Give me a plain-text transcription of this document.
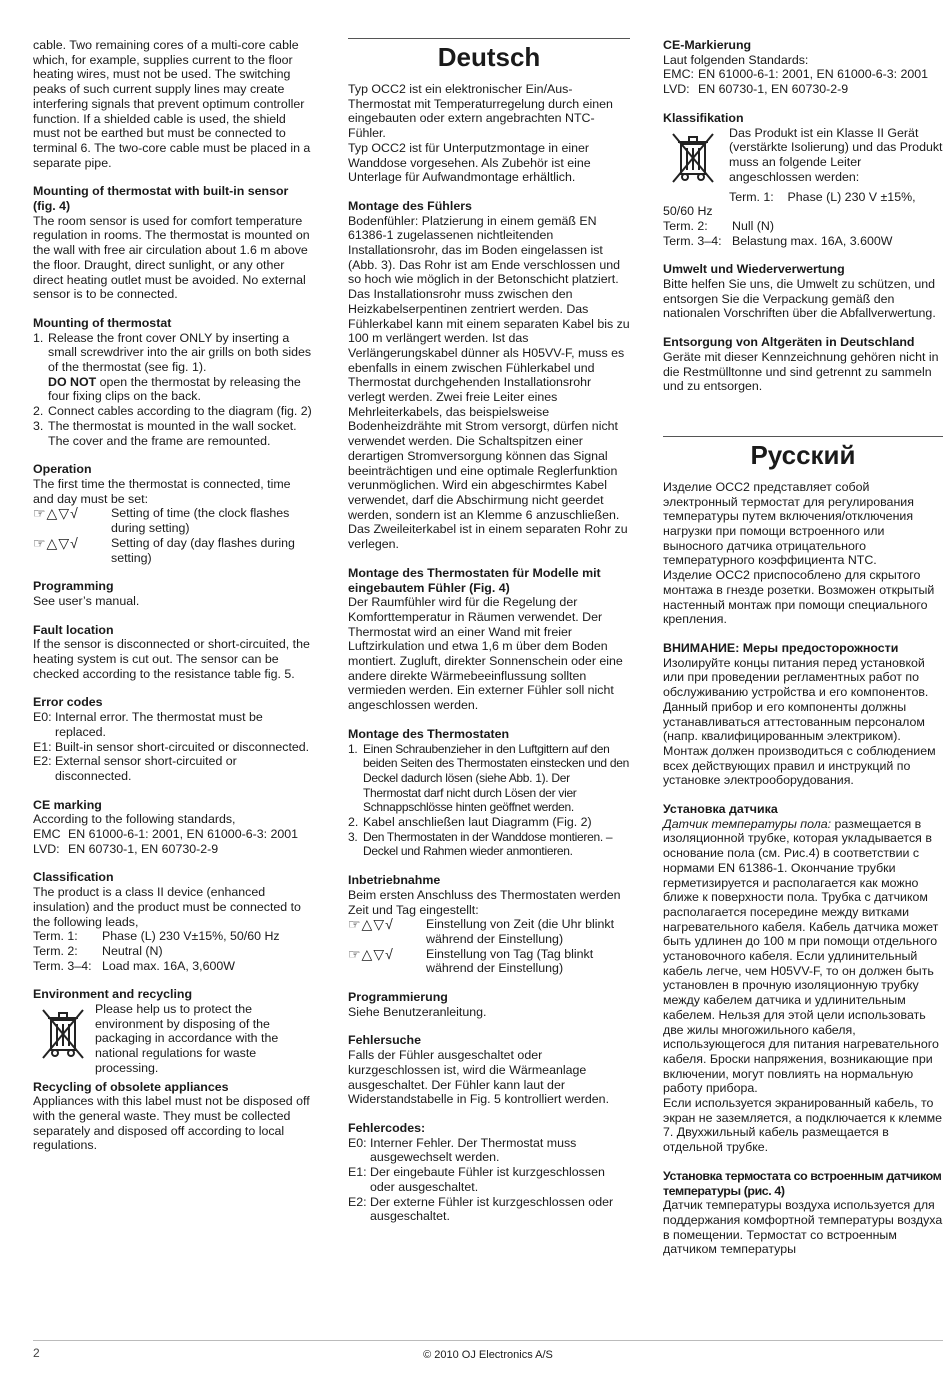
cable. Two remaining cores of a multi-core cable which, for example, supplies current to the floor heating wires, must not be used. The switching peaks of such current supply lines may create interfering signals that prevent optimum controller function. If a shielded cable is used, the shield must not be earthed but must be connected to terminal 6. The two-core cable must be placed in a separate pipe.

Mounting of thermostat with built-in sensor (fig. 4)

The room sensor is used for comfort temperature regulation in rooms. The thermostat is mounted on the wall with free air circulation about 1.6 m above the floor. Draught, direct sunlight, or any other direct heating outlet must be avoided. No external sensor is to be connected.

Mounting of thermostat

1. Release the front cover ONLY by inserting a small screwdriver into the air grills on both sides of the thermostat (see fig. 1).
DO NOT open the thermostat by releasing the four fixing clips on the back.
2. Connect cables according to the diagram (fig. 2)
3. The thermostat is mounted in the wall socket. The cover and the frame are remounted.

Operation

The first time the thermostat is connected, time and day must be set:

☞△▽√	Setting of time (the clock flashes during setting)
☞△▽√	Setting of day (day flashes during setting)

Programming

See user’s manual.

Fault location

If the sensor is disconnected or short-circuited, the heating system is cut out. The sensor can be checked according to the resistance table fig. 5.

Error codes

E0: Internal error. The thermostat must be replaced.
E1: Built-in sensor short-circuited or disconnected.
E2: External sensor short-circuited or disconnected.

CE marking

According to the following standards,

EMC EN 61000-6-1: 2001, EN 61000-6-3: 2001
LVD: EN 60730-1, EN 60730-2-9

Classification

The product is a class II device (enhanced insulation) and the product must be connected to the following leads,

Term. 1:	Phase (L) 230 V±15%, 50/60 Hz
Term. 2:	Neutral (N)
Term. 3–4: Load max. 16A, 3,600W

Environment and recycling

Please help us to protect the environment by disposing of the packaging in accordance with the national regulations for waste processing.

Recycling of obsolete appliances

Appliances with this label must not be disposed off with the general waste. They must be collected separately and disposed off according to local regulations.

Deutsch

Typ OCC2 ist ein elektronischer Ein/Aus-Thermostat mit Temperaturregelung durch einen eingebauten oder extern angebrachten NTC-Fühler.

Typ OCC2 ist für Unterputzmontage in einer Wanddose vorgesehen. Als Zubehör ist eine Unterlage für Aufwandmontage erhältlich.

Montage des Fühlers

Bodenfühler: Platzierung in einem gemäß EN 61386-1 zugelassenen nichtleitenden Installationsrohr, das im Boden eingelassen ist (Abb. 3). Das Rohr ist am Ende verschlossen und so hoch wie möglich in der Betonschicht platziert. Das Installationsrohr muss zwischen den Heizkabelserpentinen zentriert werden. Das Fühlerkabel kann mit einem separaten Kabel bis zu 100 m verlängert werden. Ist das Verlängerungskabel dünner als H05VV-F, muss es ebenfalls in einem zwischen Fühlerkabel und Thermostat durchgehenden Installationsrohr verlegt werden. Zwei freie Leiter eines Mehrleiterkabels, das beispielsweise Bodenheizdrähte mit Strom versorgt, dürfen nicht verwendet werden. Die Schaltspitzen einer derartigen Stromversorgung können das Signal beeinträchtigen und eine optimale Reglerfunktion verunmöglichen. Wird ein abgeschirmtes Kabel verwendet, darf die Abschirmung nicht geerdet werden, sondern ist an Klemme 6 anzuschließen. Das Zweileiterkabel ist in einem separaten Rohr zu verlegen.

Montage des Thermostaten für Modelle mit eingebautem Fühler (Fig. 4)

Der Raumfühler wird für die Regelung der Komforttemperatur in Räumen verwendet. Der Thermostat wird an einer Wand mit freier Luftzirkulation und etwa 1,6 m über dem Boden montiert. Zugluft, direkter Sonnenschein oder eine andere direkte Wärmebeeinflussung sollten vermieden werden. Ein externer Fühler soll nicht angeschlossen werden.

Montage des Thermostaten

1. Einen Schraubenzieher in den Luftgittern auf den beiden Seiten des Thermostaten einstecken und den Deckel dadurch lösen (siehe Abb. 1). Der Thermostat darf nicht durch Lösen der vier Schnappschlösse hinten geöffnet werden.
2. Kabel anschließen laut Diagramm (Fig. 2)
3. Den Thermostaten in der Wanddose montieren. – Deckel und Rahmen wieder anmontieren.

Inbetriebnahme

Beim ersten Anschluss des Thermostaten werden Zeit und Tag eingestellt:

☞△▽√	Einstellung von Zeit (die Uhr blinkt während der Einstellung)
☞△▽√	Einstellung von Tag (Tag blinkt während der Einstellung)

Programmierung

Siehe Benutzeranleitung.

Fehlersuche

Falls der Fühler ausgeschaltet oder kurzgeschlossen ist, wird die Wärmeanlage ausgeschaltet. Der Fühler kann laut der Widerstandstabelle in Fig. 5 kontrolliert werden.

Fehlercodes:

E0: Interner Fehler. Der Thermostat muss ausgewechselt werden.
E1: Der eingebaute Fühler ist kurzgeschlossen oder ausgeschaltet.
E2: Der externe Fühler ist kurzgeschlossen oder ausgeschaltet.

CE-Markierung

Laut folgenden Standards:

EMC: EN 61000-6-1: 2001, EN 61000-6-3: 2001
LVD: EN 60730-1, EN 60730-2-9

Klassifikation

Das Produkt ist ein Klasse II Gerät (verstärkte Isolierung) und das Produkt muss an folgende Leiter angeschlossen werden:

Term. 1:    Phase (L) 230 V ±15%, 50/60 Hz

Term. 2:	Null (N)
Term. 3–4: Belastung max. 16A, 3.600W

Umwelt und Wiederverwertung

Bitte helfen Sie uns, die Umwelt zu schützen, und entsorgen Sie die Verpackung gemäß den nationalen Vorschriften über die Abfallverwertung.

Entsorgung von Altgeräten in Deutschland

Geräte mit dieser Kennzeichnung gehören nicht in die Restmülltonne und sind getrennt zu sammeln und zu entsorgen.

Русский

Изделие OCC2 представляет собой электронный термостат для регулирования температуры путем включения/отключения нагрузки при помощи встроенного или выносного датчика отрицательного температурного коэффициента NTC.

Изделие OCC2 приспособлено для скрытого монтажа в гнезде розетки. Возможен открытый настенный монтаж при помощи специального крепления.

ВНИМАНИЕ: Меры предосторожности

Изолируйте концы питания перед установкой или при проведении регламентных работ по обслуживанию устройства и его компонентов.

Данный прибор и его компоненты должны устанавливаться аттестованным персоналом (напр. квалифицированным электриком). Монтаж должен производиться с соблюдением всех действующих правил и инструкций по установке электрооборудования.

Установка датчика

Датчик температуры пола: размещается в изоляционной трубке, которая укладывается в основание пола (см. Рис.4) в соответствии с нормами EN 61386-1. Окончание трубки герметизируется и располагается как можно ближе к поверхности пола. Трубка с датчиком располагается посередине между витками нагревательного кабеля. Кабель датчика может быть удлинен до 100 м при помощи отдельного установочного кабеля. Если удлинительный кабель легче, чем H05VV-F, то он должен быть установлен в прочную изоляционную трубку между кабелем датчика и удлинительным кабелем. Нельзя для этой цели использовать две жилы многожильного кабеля, использующегося для питания нагревательного кабеля. Броски напряжения, возникающие при включении, могут повлиять на нормальную работу прибора.

Если используется экранированный кабель, то экран не заземляется, а подключается к клемме 7. Двухжильный кабель размещается в отдельной трубке.

Установка термостата со встроенным датчиком температуры (рис. 4)

Датчик температуры воздуха используется для поддержания комфортной температуры воздуха в помещении. Термостат со встроенным датчиком температуры

2	© 2010 OJ Electronics A/S
